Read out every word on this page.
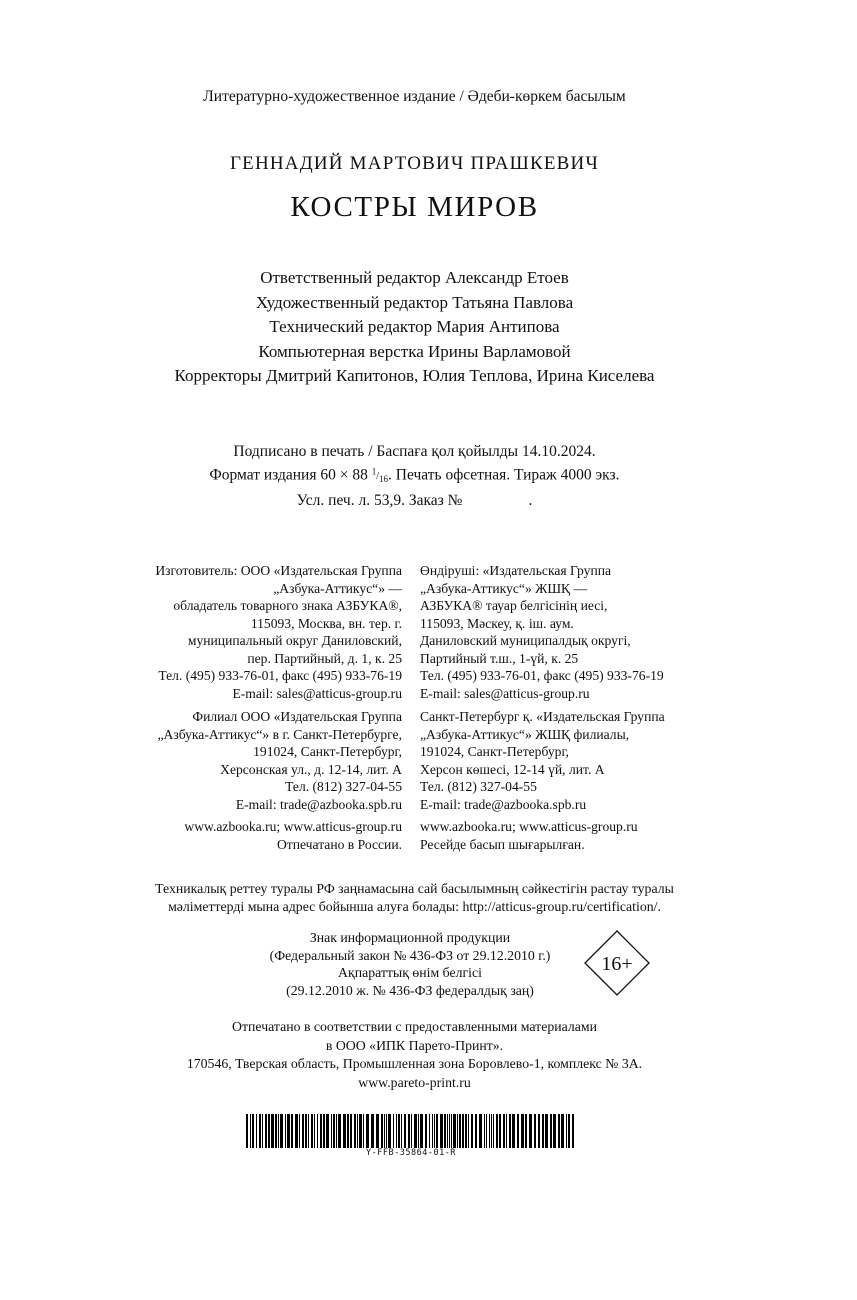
Литературно-художественное издание / Әдеби-көркем басылым
ГЕННАДИЙ МАРТОВИЧ ПРАШКЕВИЧ
КОСТРЫ МИРОВ
Ответственный редактор Александр Етоев
Художественный редактор Татьяна Павлова
Технический редактор Мария Антипова
Компьютерная верстка Ирины Варламовой
Корректоры Дмитрий Капитонов, Юлия Теплова, Ирина Киселева
Подписано в печать / Баспаға қол қойылды 14.10.2024.
Формат издания 60 × 88 $^1/_{16}$. Печать офсетная. Тираж 4000 экз.
Усл. печ. л. 53,9. Заказ №	.
Изготовитель: ООО «Издательская Группа
„Азбука-Аттикус“» —
обладатель товарного знака АЗБУКА®,
115093, Москва, вн. тер. г.
муниципальный округ Даниловский,
пер. Партийный, д. 1, к. 25
Тел. (495) 933-76-01, факс (495) 933-76-19
E-mail: sales@atticus-group.ru
Өндіруші: «Издательская Группа
„Азбука-Аттикус“» ЖШҚ —
АЗБУКА® тауар белгісінің иесі,
115093, Мәскеу, қ. іш. аум.
Даниловский муниципалдық округі,
Партийный т.ш., 1-үй, к. 25
Тел. (495) 933-76-01, факс (495) 933-76-19
E-mail: sales@atticus-group.ru
Филиал ООО «Издательская Группа
„Азбука-Аттикус“» в г. Санкт-Петербурге,
191024, Санкт-Петербург,
Херсонская ул., д. 12-14, лит. А
Тел. (812) 327-04-55
E-mail: trade@azbooka.spb.ru
Санкт-Петербург қ. «Издательская Группа
„Азбука-Аттикус“» ЖШҚ филиалы,
191024, Санкт-Петербург,
Херсон көшесі, 12-14 үй, лит. А
Тел. (812) 327-04-55
E-mail: trade@azbooka.spb.ru
www.azbooka.ru; www.atticus-group.ru
Отпечатано в России.
www.azbooka.ru; www.atticus-group.ru
Ресейде басып шығарылған.
Техникалық реттеу туралы РФ заңнамасына сай басылымның сәйкестігін растау туралы
мәліметтерді мына адрес бойынша алуға болады: http://atticus-group.ru/certification/.
Знак информационной продукции
(Федеральный закон № 436-ФЗ от 29.12.2010 г.)
Ақпараттық өнім белгісі
(29.12.2010 ж. № 436-ФЗ федералдық заң)
16+
Отпечатано в соответствии с предоставленными материалами
в ООО «ИПК Парето-Принт».
170546, Тверская область, Промышленная зона Боровлево-1, комплекс № 3А.
www.pareto-print.ru
Y-FFB-35864-01-R
